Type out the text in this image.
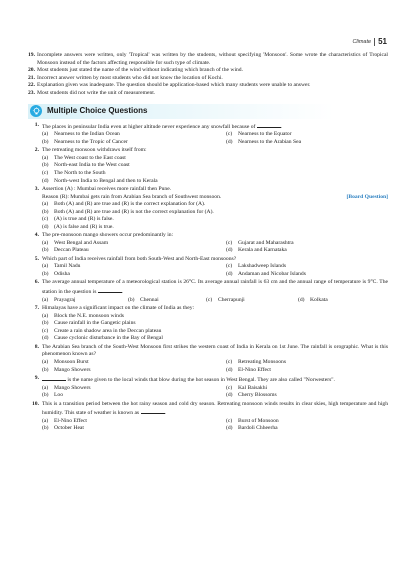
Climate 51
19. Incomplete answers were written, only 'Tropical' was written by the students, without specifying 'Monsoon'. Some wrote the characteristics of Tropical Monsoon instead of the factors affecting responsible for such type of climate.
20. Most students just stated the name of the wind without indicating which branch of the wind.
21. Incorrect answer written by most students who did not know the location of Kochi.
22. Explanation given was inadequate. The question should be application-based which many students were unable to answer.
23. Most students did not write the unit of measurement.
Multiple Choice Questions
1. The places in peninsular India even at higher altitude never experience any snowfall because of	.
(a)	Nearness to the Indian Ocean	(c)	Nearness to the Equator
(b) Nearness to the Tropic of Cancer	(d) Nearness to the Arabian Sea
2. The retreating monsoon withdraws itself from:
(a)	The West coast to the East coast
(b) North-east India to the West coast
(c)	The North to the South
(d) North-west India to Bengal and then to Kerala
3. Assertion (A) : Mumbai receives more rainfall then Pune.
[Board Question]
Reason (R): Mumbai gets rain from Arabian Sea branch of Southwest monsoon.
(a)	Both (A) and (R) are true and (R) is the correct explanation for (A).
(b) Both (A) and (R) are true and (R) is not the correct explanation for (A).
(c)	(A) is true and (R) is false.
(d) (A) is false and (R) is true.
4. The pre-monsoon mango showers occur predominantly in:
(a)	West Bengal and Assam	(c)	Gujarat and Maharashtra
(b) Deccan Plateau	(d) Kerala and Karnataka
5. Which part of India receives rainfall from both South-West and North-East monsoons?
(a)	Tamil Nadu	(c)	Lakshadweep Islands
(b) Odisha	(d) Andaman and Nicobar Islands
6. The average annual temperature of a meteorological station is 26°C. Its average annual rainfall is 63 cm and the annual range of temperature is 9°C. The station in the question is	.
(a)	Prayagraj	(b) Chennai	(c)	Cherrapunji	(d) Kolkata
7. Himalayas have a significant impact on the climate of India as they:
(a)	Block the N.E. monsoon winds
(b) Cause rainfall in the Gangetic plains
(c)	Create a rain shadow area in the Deccan plateau
(d) Cause cyclonic disturbance in the Bay of Bengal
8. The Arabian Sea branch of the South-West Monsoon first strikes the western coast of India in Kerala on 1st June. The rainfall is orographic. What is this phenomenon known as?
(a)	Monsoon Burst	(c)	Retreating Monsoons
(b) Mango Showers	(d) El-Nino Effect
9.	is the name given to the local winds that blow during the hot season in West Bengal. They are also called "Norwesters".
(a)	Mango Showers	(c)	Kal Baisakhi
(b) Loo	(d) Cherry Blossoms
10. This is a transition period between the hot rainy season and cold dry season. Retreating monsoon winds results in clear skies, high temperature and high humidity. This state of weather is known as	.
(a)	El-Nino Effect	(c)	Burst of Monsoon
(b) October Heat	(d) Bardoli Chheerha
